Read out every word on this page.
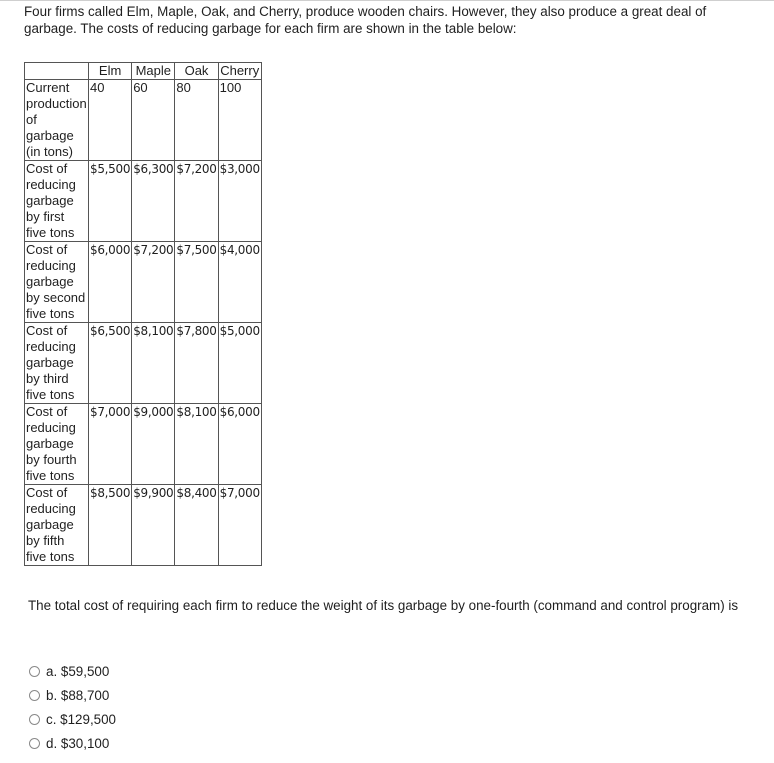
Four firms called Elm, Maple, Oak, and Cherry, produce wooden chairs. However, they also produce a great deal of garbage. The costs of reducing garbage for each firm are shown in the table below:
	Elm	Maple	Oak	Cherry
Current production of garbage (in tons)	40	60	80	100
Cost of reducing garbage by first five tons	$5,500	$6,300	$7,200	$3,000
Cost of reducing garbage by second five tons	$6,000	$7,200	$7,500	$4,000
Cost of reducing garbage by third five tons	$6,500	$8,100	$7,800	$5,000
Cost of reducing garbage by fourth five tons	$7,000	$9,000	$8,100	$6,000
Cost of reducing garbage by fifth five tons	$8,500	$9,900	$8,400	$7,000
The total cost of requiring each firm to reduce the weight of its garbage by one-fourth (command and control program) is
a.
$59,500
b.
$88,700
c.
$129,500
d.
$30,100
